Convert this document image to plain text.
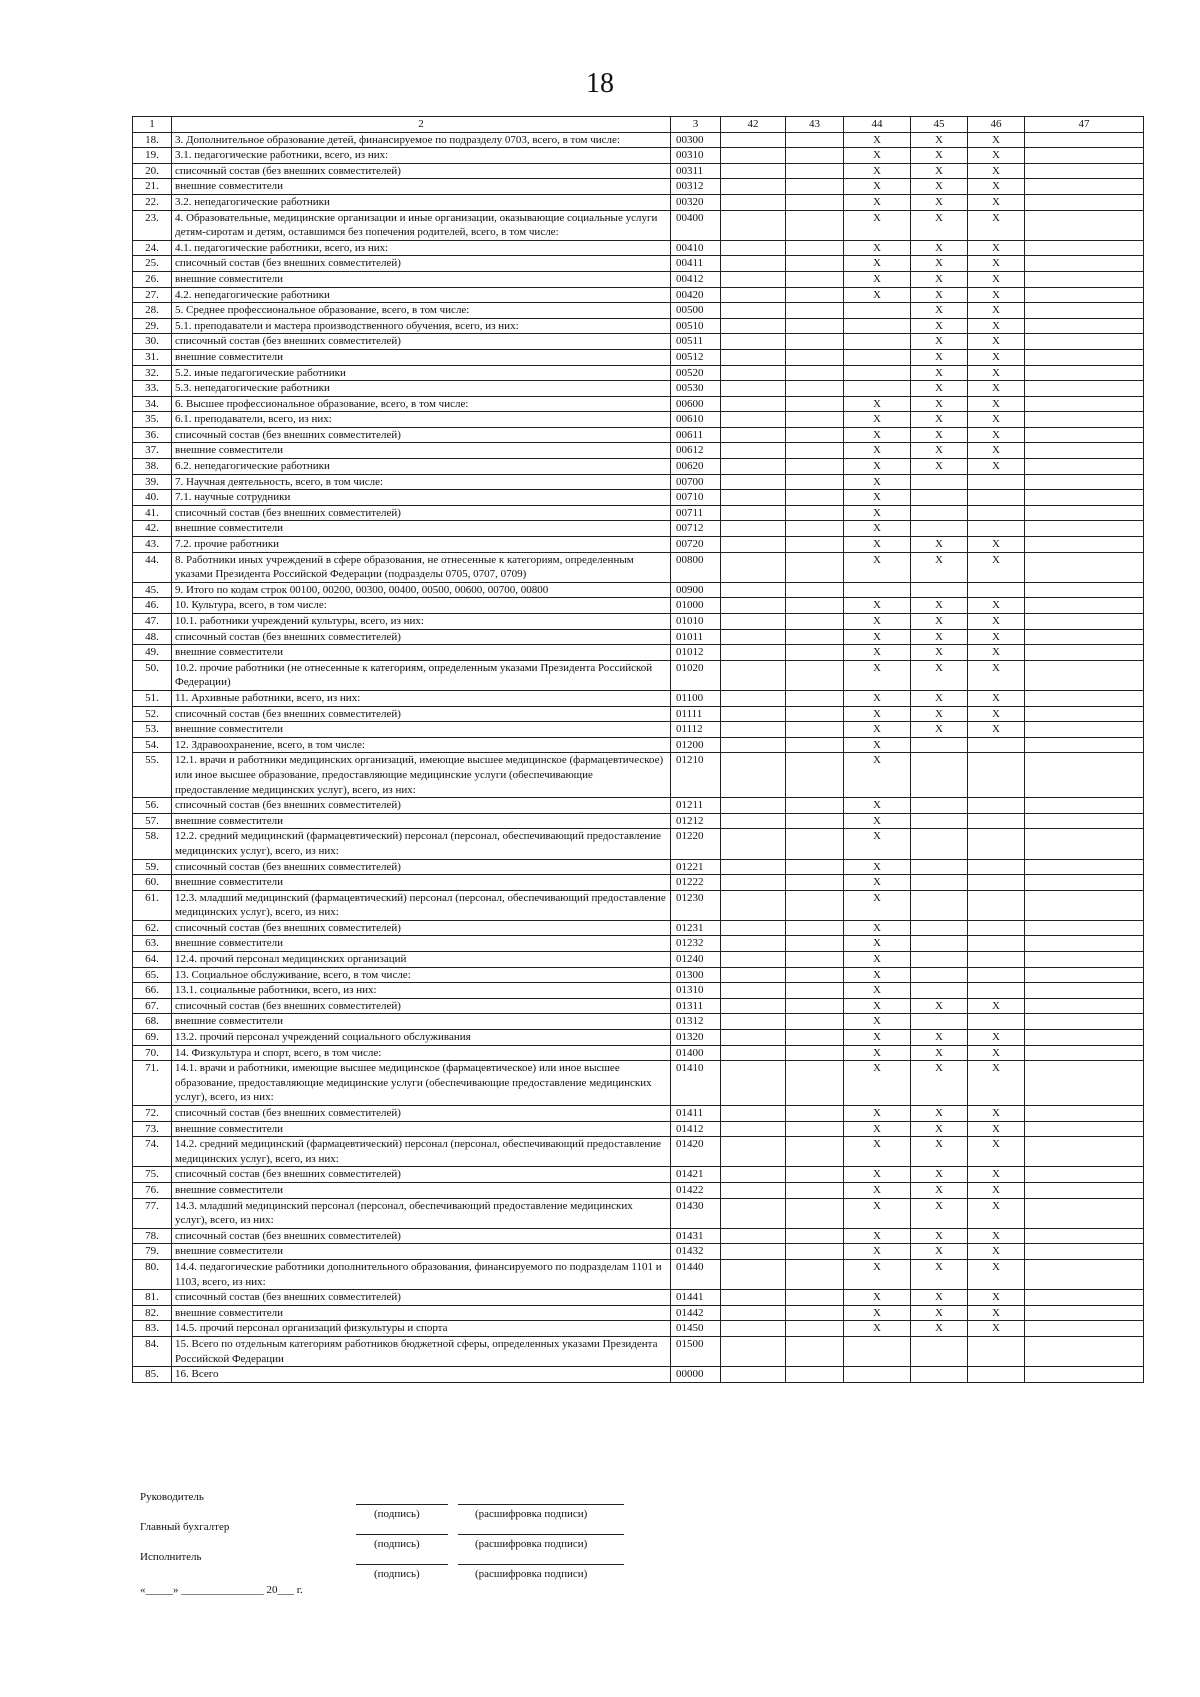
18
1	2	3	42	43	44	45	46	47
18.	3. Дополнительное образование детей, финансируемое по подразделу 0703, всего, в том числе:	00300			X	X	X	
19.	3.1. педагогические работники, всего, из них:	00310			X	X	X	
20.	списочный состав (без внешних совместителей)	00311			X	X	X	
21.	внешние совместители	00312			X	X	X	
22.	3.2. непедагогические работники	00320			X	X	X	
23.	4. Образовательные, медицинские организации и иные организации, оказывающие социальные услуги детям-сиротам и детям, оставшимся без попечения родителей, всего, в том числе:	00400			X	X	X	
24.	4.1. педагогические работники, всего, из них:	00410			X	X	X	
25.	списочный состав (без внешних совместителей)	00411			X	X	X	
26.	внешние совместители	00412			X	X	X	
27.	4.2. непедагогические работники	00420			X	X	X	
28.	5. Среднее профессиональное образование, всего, в том числе:	00500				X	X	
29.	5.1. преподаватели и мастера производственного обучения, всего, из них:	00510				X	X	
30.	списочный состав (без внешних совместителей)	00511				X	X	
31.	внешние совместители	00512				X	X	
32.	5.2. иные педагогические работники	00520				X	X	
33.	5.3. непедагогические работники	00530				X	X	
34.	6. Высшее профессиональное образование, всего, в том числе:	00600			X	X	X	
35.	6.1. преподаватели, всего, из них:	00610			X	X	X	
36.	списочный состав (без внешних совместителей)	00611			X	X	X	
37.	внешние совместители	00612			X	X	X	
38.	6.2. непедагогические работники	00620			X	X	X	
39.	7. Научная деятельность, всего, в том числе:	00700			X			
40.	7.1. научные сотрудники	00710			X			
41.	списочный состав (без внешних совместителей)	00711			X			
42.	внешние совместители	00712			X			
43.	7.2. прочие работники	00720			X	X	X	
44.	8. Работники иных учреждений в сфере образования, не отнесенные к категориям, определенным указами Президента Российской Федерации (подразделы 0705, 0707, 0709)	00800			X	X	X	
45.	9. Итого по кодам строк 00100, 00200, 00300, 00400, 00500, 00600, 00700, 00800	00900						
46.	10. Культура, всего, в том числе:	01000			X	X	X	
47.	10.1. работники учреждений культуры, всего, из них:	01010			X	X	X	
48.	списочный состав (без внешних совместителей)	01011			X	X	X	
49.	внешние совместители	01012			X	X	X	
50.	10.2. прочие работники (не отнесенные к категориям, определенным указами Президента Российской Федерации)	01020			X	X	X	
51.	11. Архивные работники, всего, из них:	01100			X	X	X	
52.	списочный состав (без внешних совместителей)	01111			X	X	X	
53.	внешние совместители	01112			X	X	X	
54.	12. Здравоохранение, всего, в том числе:	01200			X			
55.	12.1. врачи и работники медицинских организаций, имеющие высшее медицинское (фармацевтическое) или иное высшее образование, предоставляющие медицинские услуги (обеспечивающие предоставление медицинских услуг), всего, из них:	01210			X			
56.	списочный состав (без внешних совместителей)	01211			X			
57.	внешние совместители	01212			X			
58.	12.2. средний медицинский (фармацевтический) персонал (персонал, обеспечивающий предоставление медицинских услуг), всего, из них:	01220			X			
59.	списочный состав (без внешних совместителей)	01221			X			
60.	внешние совместители	01222			X			
61.	12.3. младший медицинский (фармацевтический) персонал (персонал, обеспечивающий предоставление медицинских услуг), всего, из них:	01230			X			
62.	списочный состав (без внешних совместителей)	01231			X			
63.	внешние совместители	01232			X			
64.	12.4. прочий персонал медицинских организаций	01240			X			
65.	13. Социальное обслуживание, всего, в том числе:	01300			X			
66.	13.1. социальные работники, всего, из них:	01310			X			
67.	списочный состав (без внешних совместителей)	01311			X	X	X	
68.	внешние совместители	01312			X			
69.	13.2. прочий персонал учреждений социального обслуживания	01320			X	X	X	
70.	14. Физкультура и спорт, всего, в том числе:	01400			X	X	X	
71.	14.1. врачи и работники, имеющие высшее медицинское (фармацевтическое) или иное высшее образование, предоставляющие медицинские услуги (обеспечивающие предоставление медицинских услуг), всего, из них:	01410			X	X	X	
72.	списочный состав (без внешних совместителей)	01411			X	X	X	
73.	внешние совместители	01412			X	X	X	
74.	14.2. средний медицинский (фармацевтический) персонал (персонал, обеспечивающий предоставление медицинских услуг), всего, из них:	01420			X	X	X	
75.	списочный состав (без внешних совместителей)	01421			X	X	X	
76.	внешние совместители	01422			X	X	X	
77.	14.3. младший медицинский персонал (персонал, обеспечивающий предоставление медицинских услуг), всего, из них:	01430			X	X	X	
78.	списочный состав (без внешних совместителей)	01431			X	X	X	
79.	внешние совместители	01432			X	X	X	
80.	14.4. педагогические работники дополнительного образования, финансируемого по подразделам 1101 и 1103, всего, из них:	01440			X	X	X	
81.	списочный состав (без внешних совместителей)	01441			X	X	X	
82.	внешние совместители	01442			X	X	X	
83.	14.5. прочий персонал организаций физкультуры и спорта	01450			X	X	X	
84.	15. Всего по отдельным категориям работников бюджетной сферы, определенных указами Президента Российской Федерации	01500						
85.	16. Всего	00000						
Руководитель
(подпись)	(расшифровка подписи)
Главный бухгалтер
(подпись)	(расшифровка подписи)
Исполнитель
(подпись)	(расшифровка подписи)
«_____» _______________ 20___ г.
